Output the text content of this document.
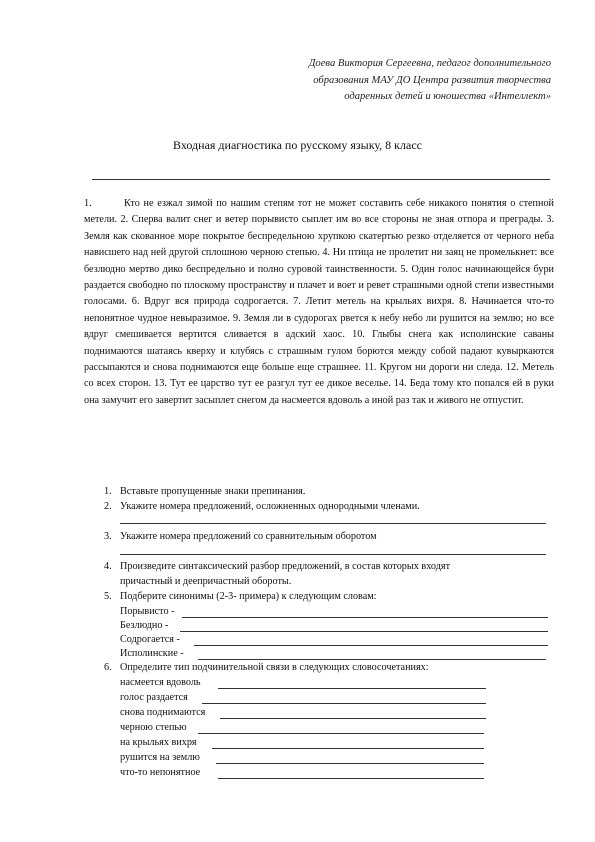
Доева Виктория Сергеевна, педагог дополнительного
образования МАУ ДО Центра развития творчества
одаренных детей и юношества «Интеллект»
Входная диагностика по русскому языку, 8 класс
1.	Кто не езжал зимой по нашим степям тот не может составить себе никакого понятия о степной метели. 2. Сперва валит снег и ветер порывисто сыплет им во все стороны не зная отпора и преграды. 3. Земля как скованное море покрытое беспредельною хрупкою скатертью резко отделяется от черного неба нависшего над ней другой сплошною черною степью. 4. Ни птица не пролетит ни заяц не промелькнет: все безлюдно мертво дико беспредельно и полно суровой таинственности. 5. Один голос начинающейся бури раздается свободно по плоскому пространству и плачет и воет и ревет страшными одной степи известными голосами. 6. Вдруг вся природа содрогается. 7. Летит метель на крыльях вихря. 8. Начинается что-то непонятное чудное невыразимое. 9. Земля ли в судорогах рвется к небу небо ли рушится на землю; но все вдруг смешивается вертится сливается в адский хаос. 10. Глыбы снега как исполинские саваны поднимаются шатаясь кверху и клубясь с страшным гулом борются между собой падают кувыркаются рассыпаются и снова поднимаются еще больше еще страшнее. 11. Кругом ни дороги ни следа. 12. Метель со всех сторон. 13. Тут ее царство тут ее разгул тут ее дикое веселье. 14. Беда тому кто попался ей в руки она замучит его завертит засыплет снегом да насмеется вдоволь а иной раз так и живого не отпустит.
1. Вставьте пропущенные знаки препинания.
2. Укажите номера предложений, осложненных однородными членами.
3. Укажите номера предложений со сравнительным оборотом
4. Произведите синтаксический разбор предложений, в состав которых входят
причастный и деепричастный обороты.
5. Подберите синонимы (2-3- примера) к следующим словам:
Порывисто -
Безлюдно -
Содрогается -
Исполинские -
6. Определите тип подчинительной связи в следующих словосочетаниях:
насмеется вдоволь
голос раздается
снова поднимаются
черною степью
на крыльях вихря
рушится на землю
что-то непонятное
